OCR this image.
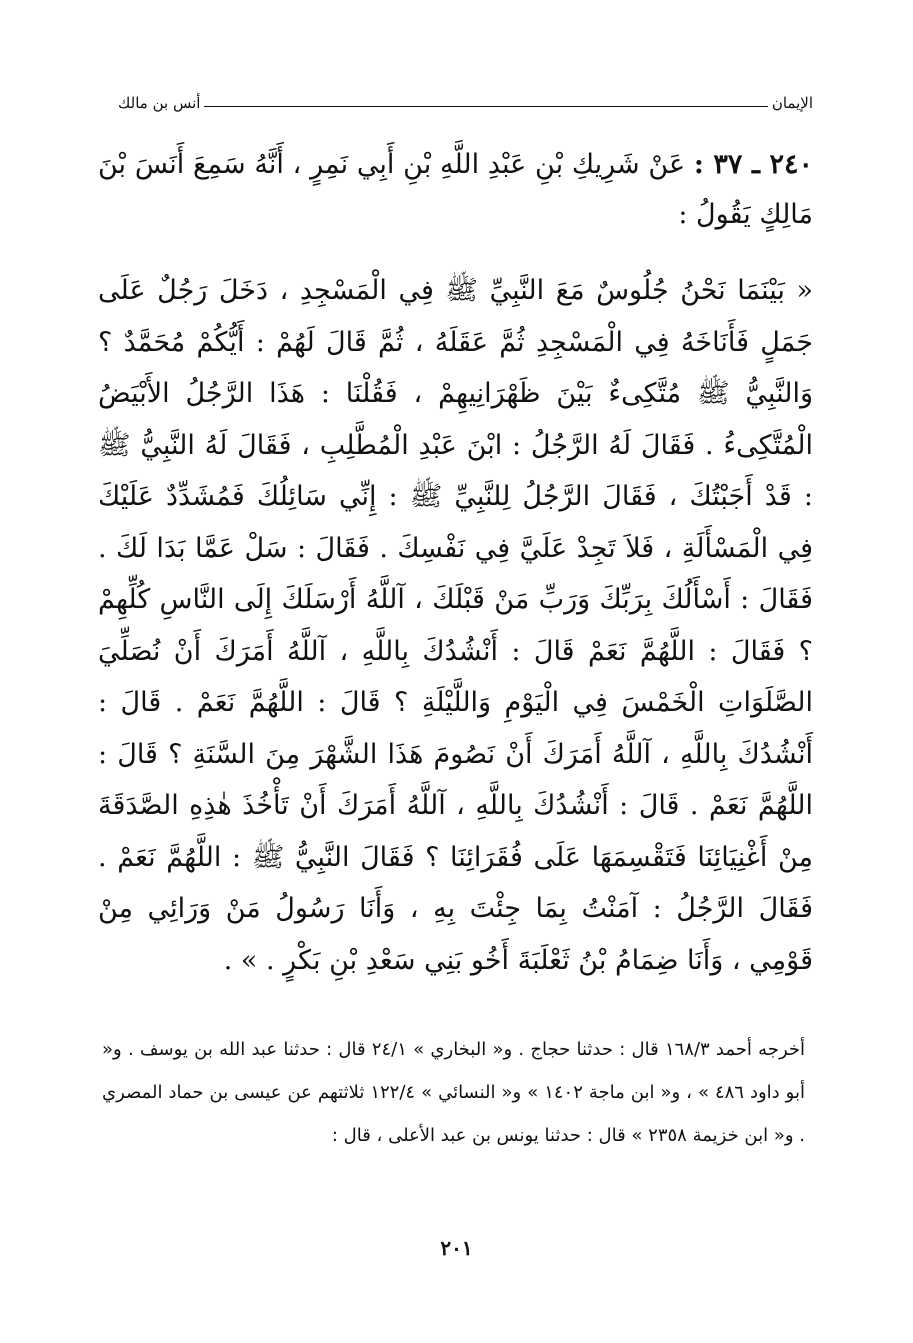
الإيمان
أنس بن مالك
٢٤٠ ـ ٣٧ : عَنْ شَرِيكِ بْنِ عَبْدِ اللَّهِ بْنِ أَبِي نَمِرٍ ، أَنَّهُ سَمِعَ أَنَسَ بْنَ مَالِكٍ يَقُولُ :
« بَيْنَمَا نَحْنُ جُلُوسٌ مَعَ النَّبِيِّ ﷺ فِي الْمَسْجِدِ ، دَخَلَ رَجُلٌ عَلَى جَمَلٍ فَأَنَاخَهُ فِي الْمَسْجِدِ ثُمَّ عَقَلَهُ ، ثُمَّ قَالَ لَهُمْ : أَيُّكُمْ مُحَمَّدٌ ؟ وَالنَّبِيُّ ﷺ مُتَّكِىءٌ بَيْنَ ظَهْرَانِيهِمْ ، فَقُلْنَا : هَذَا الرَّجُلُ الأَبْيَضُ الْمُتَّكِىءُ . فَقَالَ لَهُ الرَّجُلُ : ابْنَ عَبْدِ الْمُطَّلِبِ ، فَقَالَ لَهُ النَّبِيُّ ﷺ : قَدْ أَجَبْتُكَ ، فَقَالَ الرَّجُلُ لِلنَّبِيِّ ﷺ : إِنِّي سَائِلُكَ فَمُشَدِّدٌ عَلَيْكَ فِي الْمَسْأَلَةِ ، فَلاَ تَجِدْ عَلَيَّ فِي نَفْسِكَ . فَقَالَ : سَلْ عَمَّا بَدَا لَكَ . فَقَالَ : أَسْأَلُكَ بِرَبِّكَ وَرَبِّ مَنْ قَبْلَكَ ، آللَّهُ أَرْسَلَكَ إِلَى النَّاسِ كُلِّهِمْ ؟ فَقَالَ : اللَّهُمَّ نَعَمْ قَالَ : أَنْشُدُكَ بِاللَّهِ ، آللَّهُ أَمَرَكَ أَنْ نُصَلِّيَ الصَّلَوَاتِ الْخَمْسَ فِي الْيَوْمِ وَاللَّيْلَةِ ؟ قَالَ : اللَّهُمَّ نَعَمْ . قَالَ : أَنْشُدُكَ بِاللَّهِ ، آللَّهُ أَمَرَكَ أَنْ نَصُومَ هَذَا الشَّهْرَ مِنَ السَّنَةِ ؟ قَالَ : اللَّهُمَّ نَعَمْ . قَالَ : أَنْشُدُكَ بِاللَّهِ ، آللَّهُ أَمَرَكَ أَنْ تَأْخُذَ هٰذِهِ الصَّدَقَةَ مِنْ أَغْنِيَائِنَا فَتَقْسِمَهَا عَلَى فُقَرَائِنَا ؟ فَقَالَ النَّبِيُّ ﷺ : اللَّهُمَّ نَعَمْ . فَقَالَ الرَّجُلُ : آمَنْتُ بِمَا جِئْتَ بِهِ ، وَأَنَا رَسُولُ مَنْ وَرَائِي مِنْ قَوْمِي ، وَأَنَا ضِمَامُ بْنُ ثَعْلَبَةَ أَخُو بَنِي سَعْدِ بْنِ بَكْرٍ . » .
أخرجه أحمد ١٦٨/٣ قال : حدثنا حجاج . و« البخاري » ٢٤/١ قال : حدثنا عبد الله بن يوسف . و« أبو داود ٤٨٦ » ، و« ابن ماجة ١٤٠٢ » و« النسائي » ١٢٢/٤ ثلاثتهم عن عيسى بن حماد المصري . و« ابن خزيمة ٢٣٥٨ » قال : حدثنا يونس بن عبد الأعلى ، قال :
٢٠١
